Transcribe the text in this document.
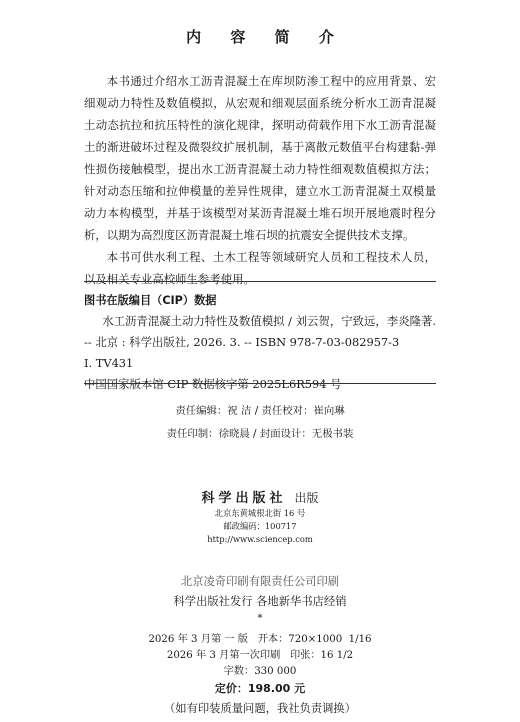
内 容 简 介

本书通过介绍水工沥青混凝土在库坝防渗工程中的应用背景、宏细观动力特性及数值模拟，从宏观和细观层面系统分析水工沥青混凝土动态抗拉和抗压特性的演化规律，探明动荷载作用下水工沥青混凝土的渐进破坏过程及微裂纹扩展机制，基于离散元数值平台构建黏-弹性损伤接触模型，提出水工沥青混凝土动力特性细观数值模拟方法；针对动态压缩和拉伸模量的差异性规律，建立水工沥青混凝土双模量动力本构模型，并基于该模型对某沥青混凝土堆石坝开展地震时程分析，以期为高烈度区沥青混凝土堆石坝的抗震安全提供技术支撑。

本书可供水利工程、土木工程等领域研究人员和工程技术人员，以及相关专业高校师生参考使用。

图书在版编目（CIP）数据
水工沥青混凝土动力特性及数值模拟 / 刘云贺，宁致远，李炎隆著. -- 北京 : 科学出版社, 2026. 3. -- ISBN 978-7-03-082957-3
Ⅰ. TV431
中国国家版本馆 CIP 数据核字第 2025L6R594 号
责任编辑：祝 洁 / 责任校对：崔向琳
责任印制：徐晓晨 / 封面设计：无极书装
科学出版社 出版
北京东黄城根北街 16 号
邮政编码：100717
http://www.sciencep.com
北京凌奇印刷有限责任公司印刷
科学出版社发行 各地新华书店经销
*
2026 年 3 月第 一 版   开本：720×1000  1/16
2026 年 3 月第一次印刷   印张：16 1/2
字数：330 000
定价：198.00 元
（如有印装质量问题，我社负责调换）
